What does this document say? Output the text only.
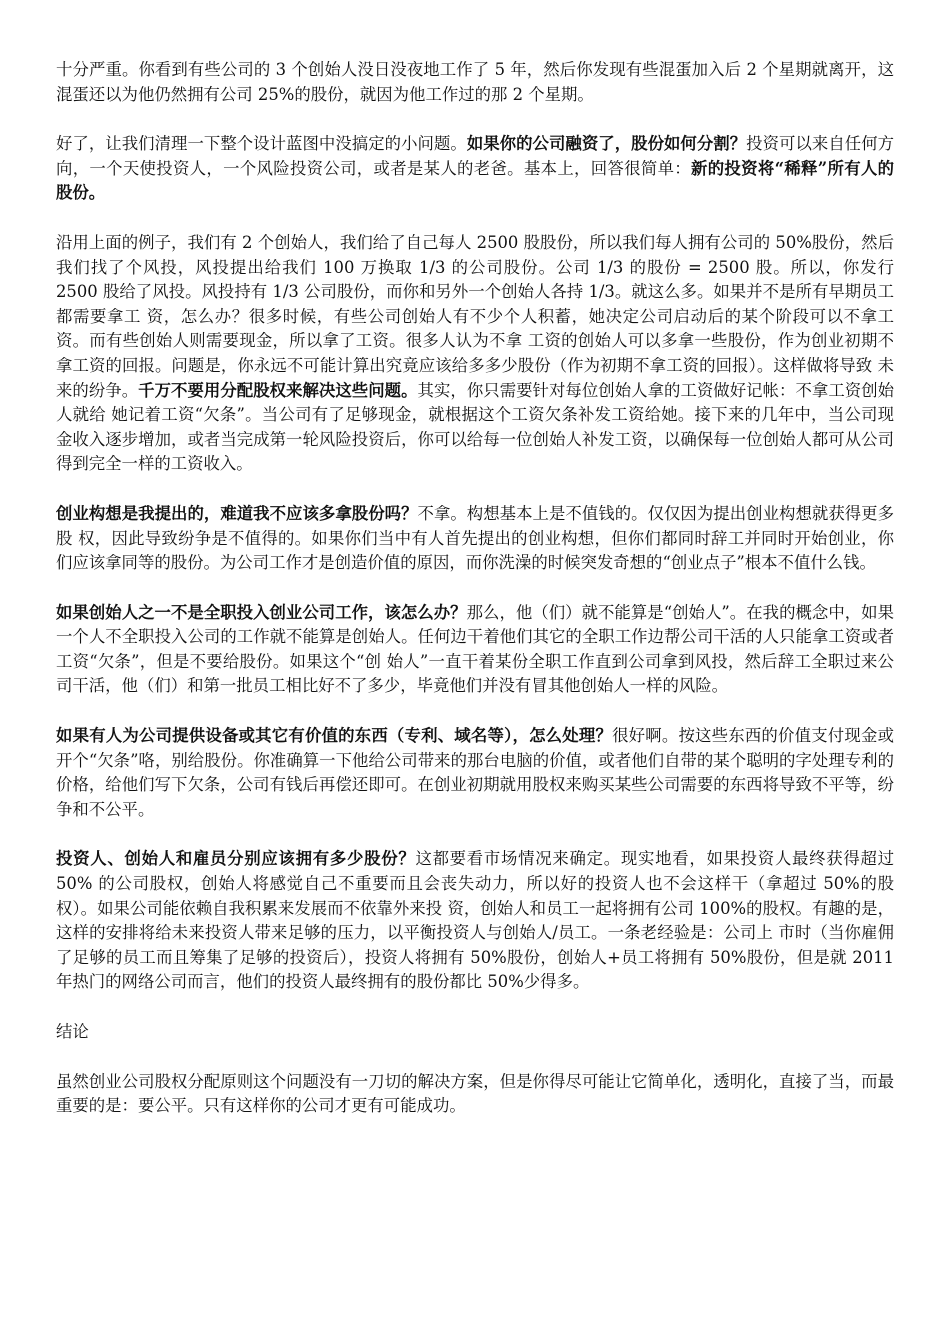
十分严重。你看到有些公司的 3 个创始人没日没夜地工作了 5 年，然后你发现有些混蛋加入后 2 个星期就离开，这混蛋还以为他仍然拥有公司 25%的股份，就因为他工作过的那 2 个星期。

好了，让我们清理一下整个设计蓝图中没搞定的小问题。如果你的公司融资了，股份如何分割？投资可以来自任何方向，一个天使投资人，一个风险投资公司，或者是某人的老爸。基本上，回答很简单：新的投资将“稀释”所有人的股份。

沿用上面的例子，我们有 2 个创始人，我们给了自己每人 2500 股股份，所以我们每人拥有公司的 50%股份，然后我们找了个风投，风投提出给我们 100 万换取 1/3 的公司股份。公司 1/3 的股份 = 2500 股。所以，你发行 2500 股给了风投。风投持有 1/3 公司股份，而你和另外一个创始人各持 1/3。就这么多。如果并不是所有早期员工都需要拿工 资，怎么办？很多时候，有些公司创始人有不少个人积蓄，她决定公司启动后的某个阶段可以不拿工资。而有些创始人则需要现金，所以拿了工资。很多人认为不拿 工资的创始人可以多拿一些股份，作为创业初期不拿工资的回报。问题是，你永远不可能计算出究竟应该给多多少股份（作为初期不拿工资的回报）。这样做将导致 未来的纷争。千万不要用分配股权来解决这些问题。其实，你只需要针对每位创始人拿的工资做好记帐：不拿工资创始人就给 她记着工资“欠条”。当公司有了足够现金，就根据这个工资欠条补发工资给她。接下来的几年中，当公司现金收入逐步增加，或者当完成第一轮风险投资后，你可以给每一位创始人补发工资，以确保每一位创始人都可从公司得到完全一样的工资收入。

创业构想是我提出的，难道我不应该多拿股份吗？不拿。构想基本上是不值钱的。仅仅因为提出创业构想就获得更多股 权，因此导致纷争是不值得的。如果你们当中有人首先提出的创业构想，但你们都同时辞工并同时开始创业，你们应该拿同等的股份。为公司工作才是创造价值的原因，而你洗澡的时候突发奇想的“创业点子”根本不值什么钱。

如果创始人之一不是全职投入创业公司工作，该怎么办？那么，他（们）就不能算是“创始人”。在我的概念中，如果 一个人不全职投入公司的工作就不能算是创始人。任何边干着他们其它的全职工作边帮公司干活的人只能拿工资或者工资“欠条”，但是不要给股份。如果这个“创 始人”一直干着某份全职工作直到公司拿到风投，然后辞工全职过来公司干活，他（们）和第一批员工相比好不了多少，毕竟他们并没有冒其他创始人一样的风险。

如果有人为公司提供设备或其它有价值的东西（专利、域名等），怎么处理？很好啊。按这些东西的价值支付现金或开个“欠条”咯，别给股份。你准确算一下他给公司带来的那台电脑的价值，或者他们自带的某个聪明的字处理专利的价格，给他们写下欠条，公司有钱后再偿还即可。在创业初期就用股权来购买某些公司需要的东西将导致不平等，纷争和不公平。

投资人、创始人和雇员分别应该拥有多少股份？这都要看市场情况来确定。现实地看，如果投资人最终获得超过 50% 的公司股权，创始人将感觉自己不重要而且会丧失动力，所以好的投资人也不会这样干（拿超过 50%的股权）。如果公司能依赖自我积累来发展而不依靠外来投 资，创始人和员工一起将拥有公司 100%的股权。有趣的是，这样的安排将给未来投资人带来足够的压力，以平衡投资人与创始人/员工。一条老经验是：公司上 市时（当你雇佣了足够的员工而且筹集了足够的投资后），投资人将拥有 50%股份，创始人+员工将拥有 50%股份，但是就 2011 年热门的网络公司而言，他们的投资人最终拥有的股份都比 50%少得多。

结论

虽然创业公司股权分配原则这个问题没有一刀切的解决方案，但是你得尽可能让它简单化，透明化，直接了当，而最重要的是：要公平。只有这样你的公司才更有可能成功。
